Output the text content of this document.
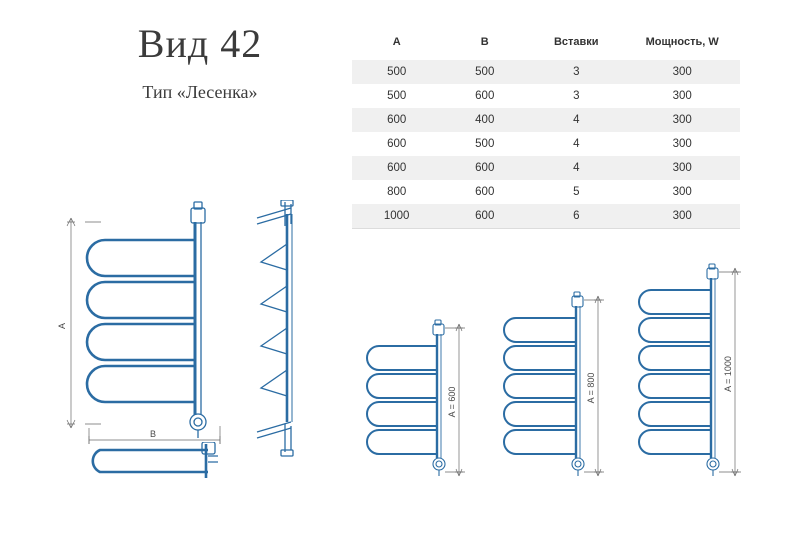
Вид 42
Тип «Лесенка»
A	B	Вставки	Мощность, W
500	500	3	300
500	600	3	300
600	400	4	300
600	500	4	300
600	600	4	300
800	600	5	300
1000	600	6	300
A
B
A = 600	A = 800	A = 1000
